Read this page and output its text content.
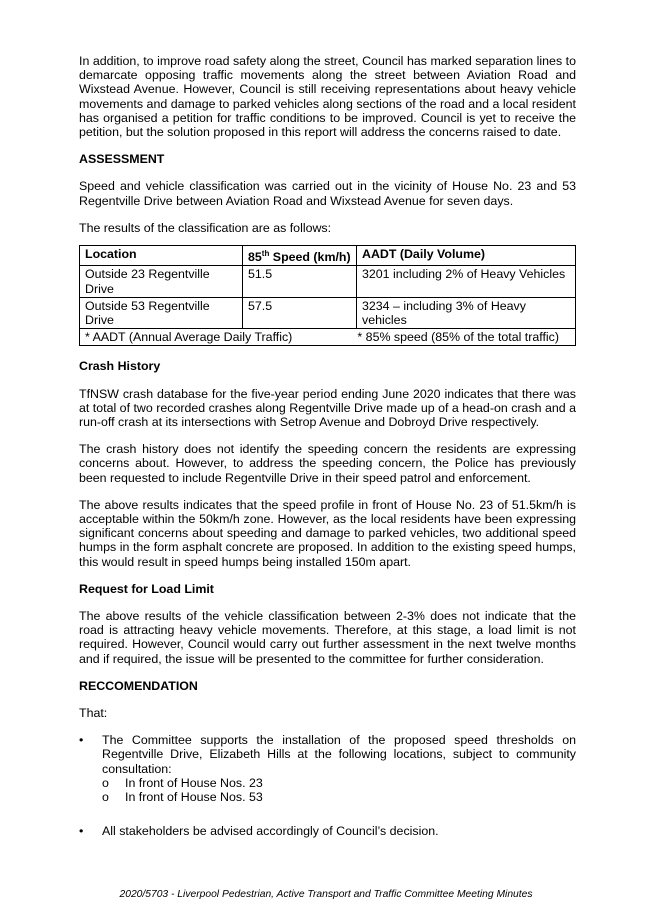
In addition, to improve road safety along the street, Council has marked separation lines to demarcate opposing traffic movements along the street between Aviation Road and Wixstead Avenue. However, Council is still receiving representations about heavy vehicle movements and damage to parked vehicles along sections of the road and a local resident has organised a petition for traffic conditions to be improved. Council is yet to receive the petition, but the solution proposed in this report will address the concerns raised to date.

ASSESSMENT

Speed and vehicle classification was carried out in the vicinity of House No. 23 and 53 Regentville Drive between Aviation Road and Wixstead Avenue for seven days.

The results of the classification are as follows:

Location	85th Speed (km/h)	AADT (Daily Volume)
Outside 23 Regentville Drive	51.5	3201 including 2% of Heavy Vehicles
Outside 53 Regentville Drive	57.5	3234 – including 3% of Heavy vehicles

* AADT (Annual Average Daily Traffic) * 85% speed (85% of the total traffic)		
Crash History

TfNSW crash database for the five-year period ending June 2020 indicates that there was at total of two recorded crashes along Regentville Drive made up of a head-on crash and a run-off crash at its intersections with Setrop Avenue and Dobroyd Drive respectively.

The crash history does not identify the speeding concern the residents are expressing concerns about. However, to address the speeding concern, the Police has previously been requested to include Regentville Drive in their speed patrol and enforcement.

The above results indicates that the speed profile in front of House No. 23 of 51.5km/h is acceptable within the 50km/h zone. However, as the local residents have been expressing significant concerns about speeding and damage to parked vehicles, two additional speed humps in the form asphalt concrete are proposed. In addition to the existing speed humps, this would result in speed humps being installed 150m apart.

Request for Load Limit

The above results of the vehicle classification between 2-3% does not indicate that the road is attracting heavy vehicle movements. Therefore, at this stage, a load limit is not required. However, Council would carry out further assessment in the next twelve months and if required, the issue will be presented to the committee for further consideration.

RECCOMENDATION

That:

• The Committee supports the installation of the proposed speed thresholds on Regentville Drive, Elizabeth Hills at the following locations, subject to community consultation:

o In front of House Nos. 23
o In front of House Nos. 53
• All stakeholders be advised accordingly of Council’s decision.

2020/5703 - Liverpool Pedestrian, Active Transport and Traffic Committee Meeting Minutes
